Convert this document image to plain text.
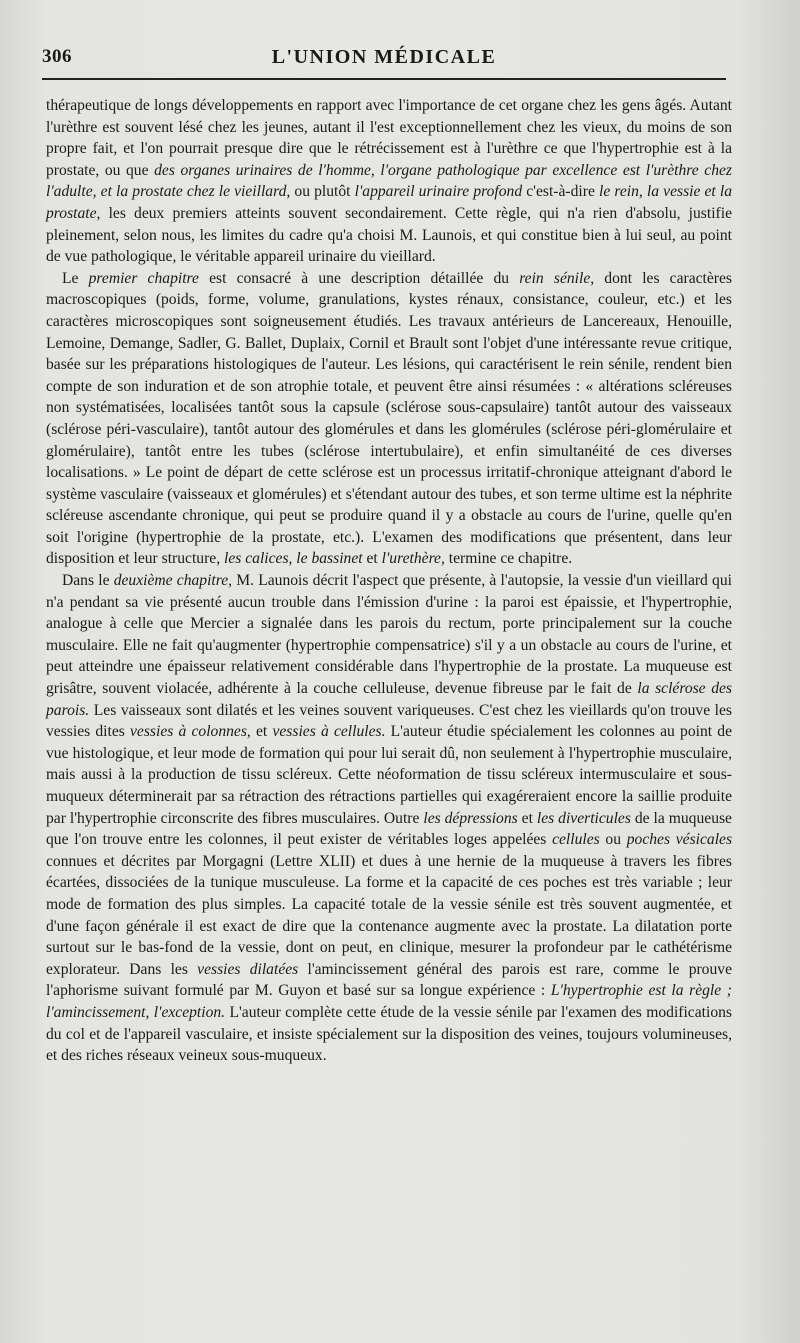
306	L'UNION MÉDICALE

thérapeutique de longs développements en rapport avec l'importance de cet organe chez les gens âgés. Autant l'urèthre est souvent lésé chez les jeunes, autant il l'est exceptionnellement chez les vieux, du moins de son propre fait, et l'on pourrait presque dire que le rétrécissement est à l'urèthre ce que l'hypertrophie est à la prostate, ou que des organes urinaires de l'homme, l'organe pathologique par excellence est l'urèthre chez l'adulte, et la prostate chez le vieillard, ou plutôt l'appareil urinaire profond c'est-à-dire le rein, la vessie et la prostate, les deux premiers atteints souvent secondairement. Cette règle, qui n'a rien d'absolu, justifie pleinement, selon nous, les limites du cadre qu'a choisi M. Launois, et qui constitue bien à lui seul, au point de vue pathologique, le véritable appareil urinaire du vieillard.

Le premier chapitre est consacré à une description détaillée du rein sénile, dont les caractères macroscopiques (poids, forme, volume, granulations, kystes rénaux, consistance, couleur, etc.) et les caractères microscopiques sont soigneusement étudiés. Les travaux antérieurs de Lancereaux, Henouille, Lemoine, Demange, Sadler, G. Ballet, Duplaix, Cornil et Brault sont l'objet d'une intéressante revue critique, basée sur les préparations histologiques de l'auteur. Les lésions, qui caractérisent le rein sénile, rendent bien compte de son induration et de son atrophie totale, et peuvent être ainsi résumées : « altérations scléreuses non systématisées, localisées tantôt sous la capsule (sclérose sous-capsulaire) tantôt autour des vaisseaux (sclérose péri-vasculaire), tantôt autour des glomérules et dans les glomérules (sclérose péri-glomérulaire et glomérulaire), tantôt entre les tubes (sclérose intertubulaire), et enfin simultanéité de ces diverses localisations. » Le point de départ de cette sclérose est un processus irritatif-chronique atteignant d'abord le système vasculaire (vaisseaux et glomérules) et s'étendant autour des tubes, et son terme ultime est la néphrite scléreuse ascendante chronique, qui peut se produire quand il y a obstacle au cours de l'urine, quelle qu'en soit l'origine (hypertrophie de la prostate, etc.). L'examen des modifications que présentent, dans leur disposition et leur structure, les calices, le bassinet et l'urethère, termine ce chapitre.

Dans le deuxième chapitre, M. Launois décrit l'aspect que présente, à l'autopsie, la vessie d'un vieillard qui n'a pendant sa vie présenté aucun trouble dans l'émission d'urine : la paroi est épaissie, et l'hypertrophie, analogue à celle que Mercier a signalée dans les parois du rectum, porte principalement sur la couche musculaire. Elle ne fait qu'augmenter (hypertrophie compensatrice) s'il y a un obstacle au cours de l'urine, et peut atteindre une épaisseur relativement considérable dans l'hypertrophie de la prostate. La muqueuse est grisâtre, souvent violacée, adhérente à la couche celluleuse, devenue fibreuse par le fait de la sclérose des parois. Les vaisseaux sont dilatés et les veines souvent variqueuses. C'est chez les vieillards qu'on trouve les vessies dites vessies à colonnes, et vessies à cellules. L'auteur étudie spécialement les colonnes au point de vue histologique, et leur mode de formation qui pour lui serait dû, non seulement à l'hypertrophie musculaire, mais aussi à la production de tissu scléreux. Cette néoformation de tissu scléreux intermusculaire et sous-muqueux déterminerait par sa rétraction des rétractions partielles qui exagéreraient encore la saillie produite par l'hypertrophie circonscrite des fibres musculaires. Outre les dépressions et les diverticules de la muqueuse que l'on trouve entre les colonnes, il peut exister de véritables loges appelées cellules ou poches vésicales connues et décrites par Morgagni (Lettre XLII) et dues à une hernie de la muqueuse à travers les fibres écartées, dissociées de la tunique musculeuse. La forme et la capacité de ces poches est très variable ; leur mode de formation des plus simples. La capacité totale de la vessie sénile est très souvent augmentée, et d'une façon générale il est exact de dire que la contenance augmente avec la prostate. La dilatation porte surtout sur le bas-fond de la vessie, dont on peut, en clinique, mesurer la profondeur par le cathétérisme explorateur. Dans les vessies dilatées l'amincissement général des parois est rare, comme le prouve l'aphorisme suivant formulé par M. Guyon et basé sur sa longue expérience : L'hypertrophie est la règle ; l'amincissement, l'exception. L'auteur complète cette étude de la vessie sénile par l'examen des modifications du col et de l'appareil vasculaire, et insiste spécialement sur la disposition des veines, toujours volumineuses, et des riches réseaux veineux sous-muqueux.
